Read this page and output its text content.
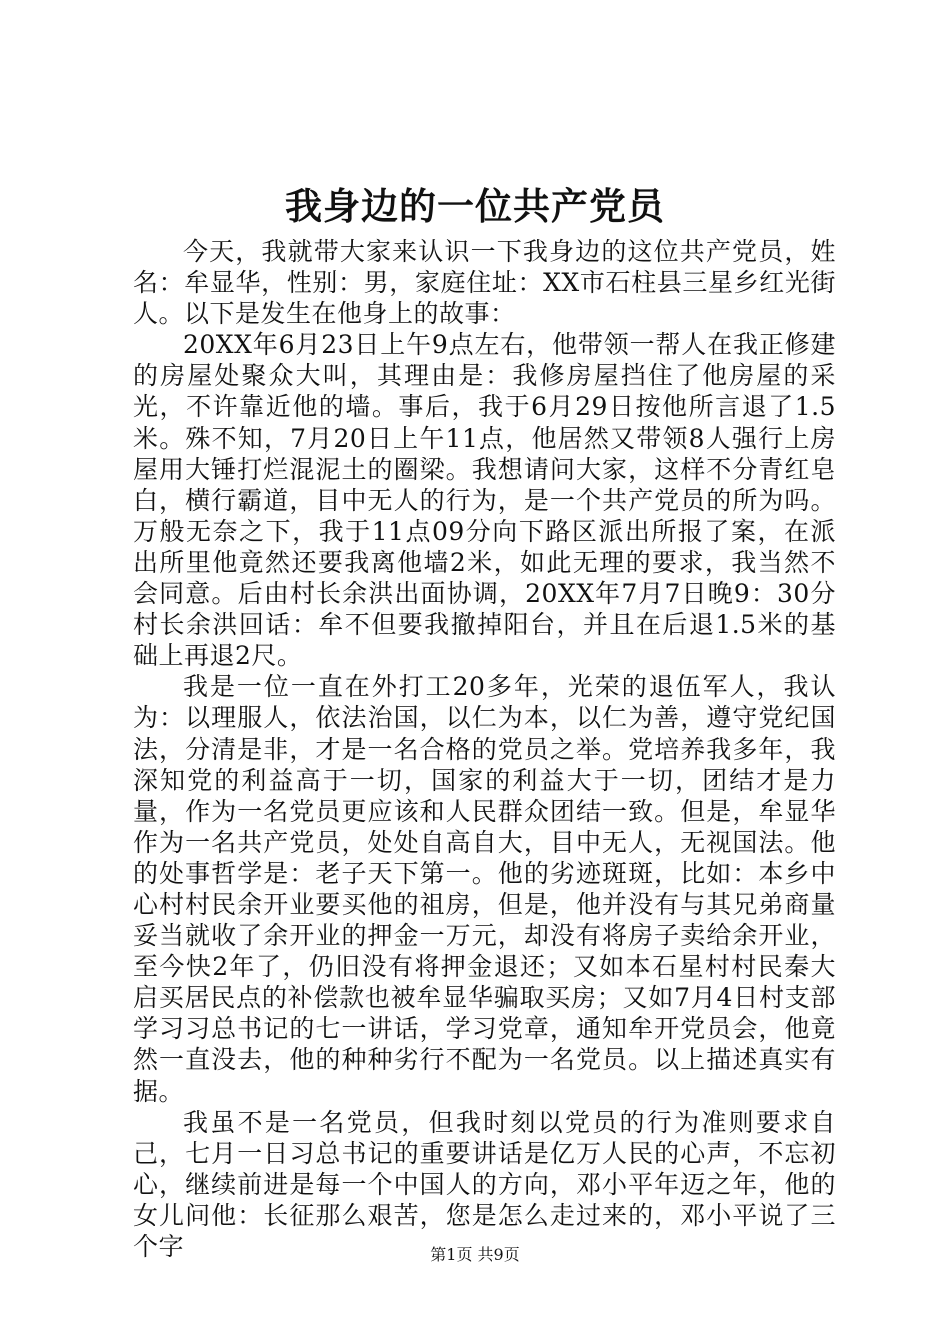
我身边的一位共产党员

今天，我就带大家来认识一下我身边的这位共产党员，姓名：牟显华，性别：男，家庭住址：XX市石柱县三星乡红光街人。以下是发生在他身上的故事：

20XX年6月23日上午9点左右，他带领一帮人在我正修建的房屋处聚众大叫，其理由是：我修房屋挡住了他房屋的采光，不许靠近他的墙。事后，我于6月29日按他所言退了1.5米。殊不知，7月20日上午11点，他居然又带领8人强行上房屋用大锤打烂混泥土的圈梁。我想请问大家，这样不分青红皂白，横行霸道，目中无人的行为，是一个共产党员的所为吗。万般无奈之下，我于11点09分向下路区派出所报了案，在派出所里他竟然还要我离他墙2米，如此无理的要求，我当然不会同意。后由村长余洪出面协调，20XX年7月7日晚9：30分村长余洪回话：牟不但要我撤掉阳台，并且在后退1.5米的基础上再退2尺。

我是一位一直在外打工20多年，光荣的退伍军人，我认为：以理服人，依法治国，以仁为本，以仁为善，遵守党纪国法，分清是非，才是一名合格的党员之举。党培养我多年，我深知党的利益高于一切，国家的利益大于一切，团结才是力量，作为一名党员更应该和人民群众团结一致。但是，牟显华作为一名共产党员，处处自高自大，目中无人，无视国法。他的处事哲学是：老子天下第一。他的劣迹斑斑，比如：本乡中心村村民余开业要买他的祖房，但是，他并没有与其兄弟商量妥当就收了余开业的押金一万元，却没有将房子卖给余开业，至今快2年了，仍旧没有将押金退还；又如本石星村村民秦大启买居民点的补偿款也被牟显华骗取买房；又如7月4日村支部学习习总书记的七一讲话，学习党章，通知牟开党员会，他竟然一直没去，他的种种劣行不配为一名党员。以上描述真实有据。

我虽不是一名党员，但我时刻以党员的行为准则要求自己，七月一日习总书记的重要讲话是亿万人民的心声，不忘初心，继续前进是每一个中国人的方向，邓小平年迈之年，他的女儿问他：长征那么艰苦，您是怎么走过来的，邓小平说了三个字	第1页 共9页
